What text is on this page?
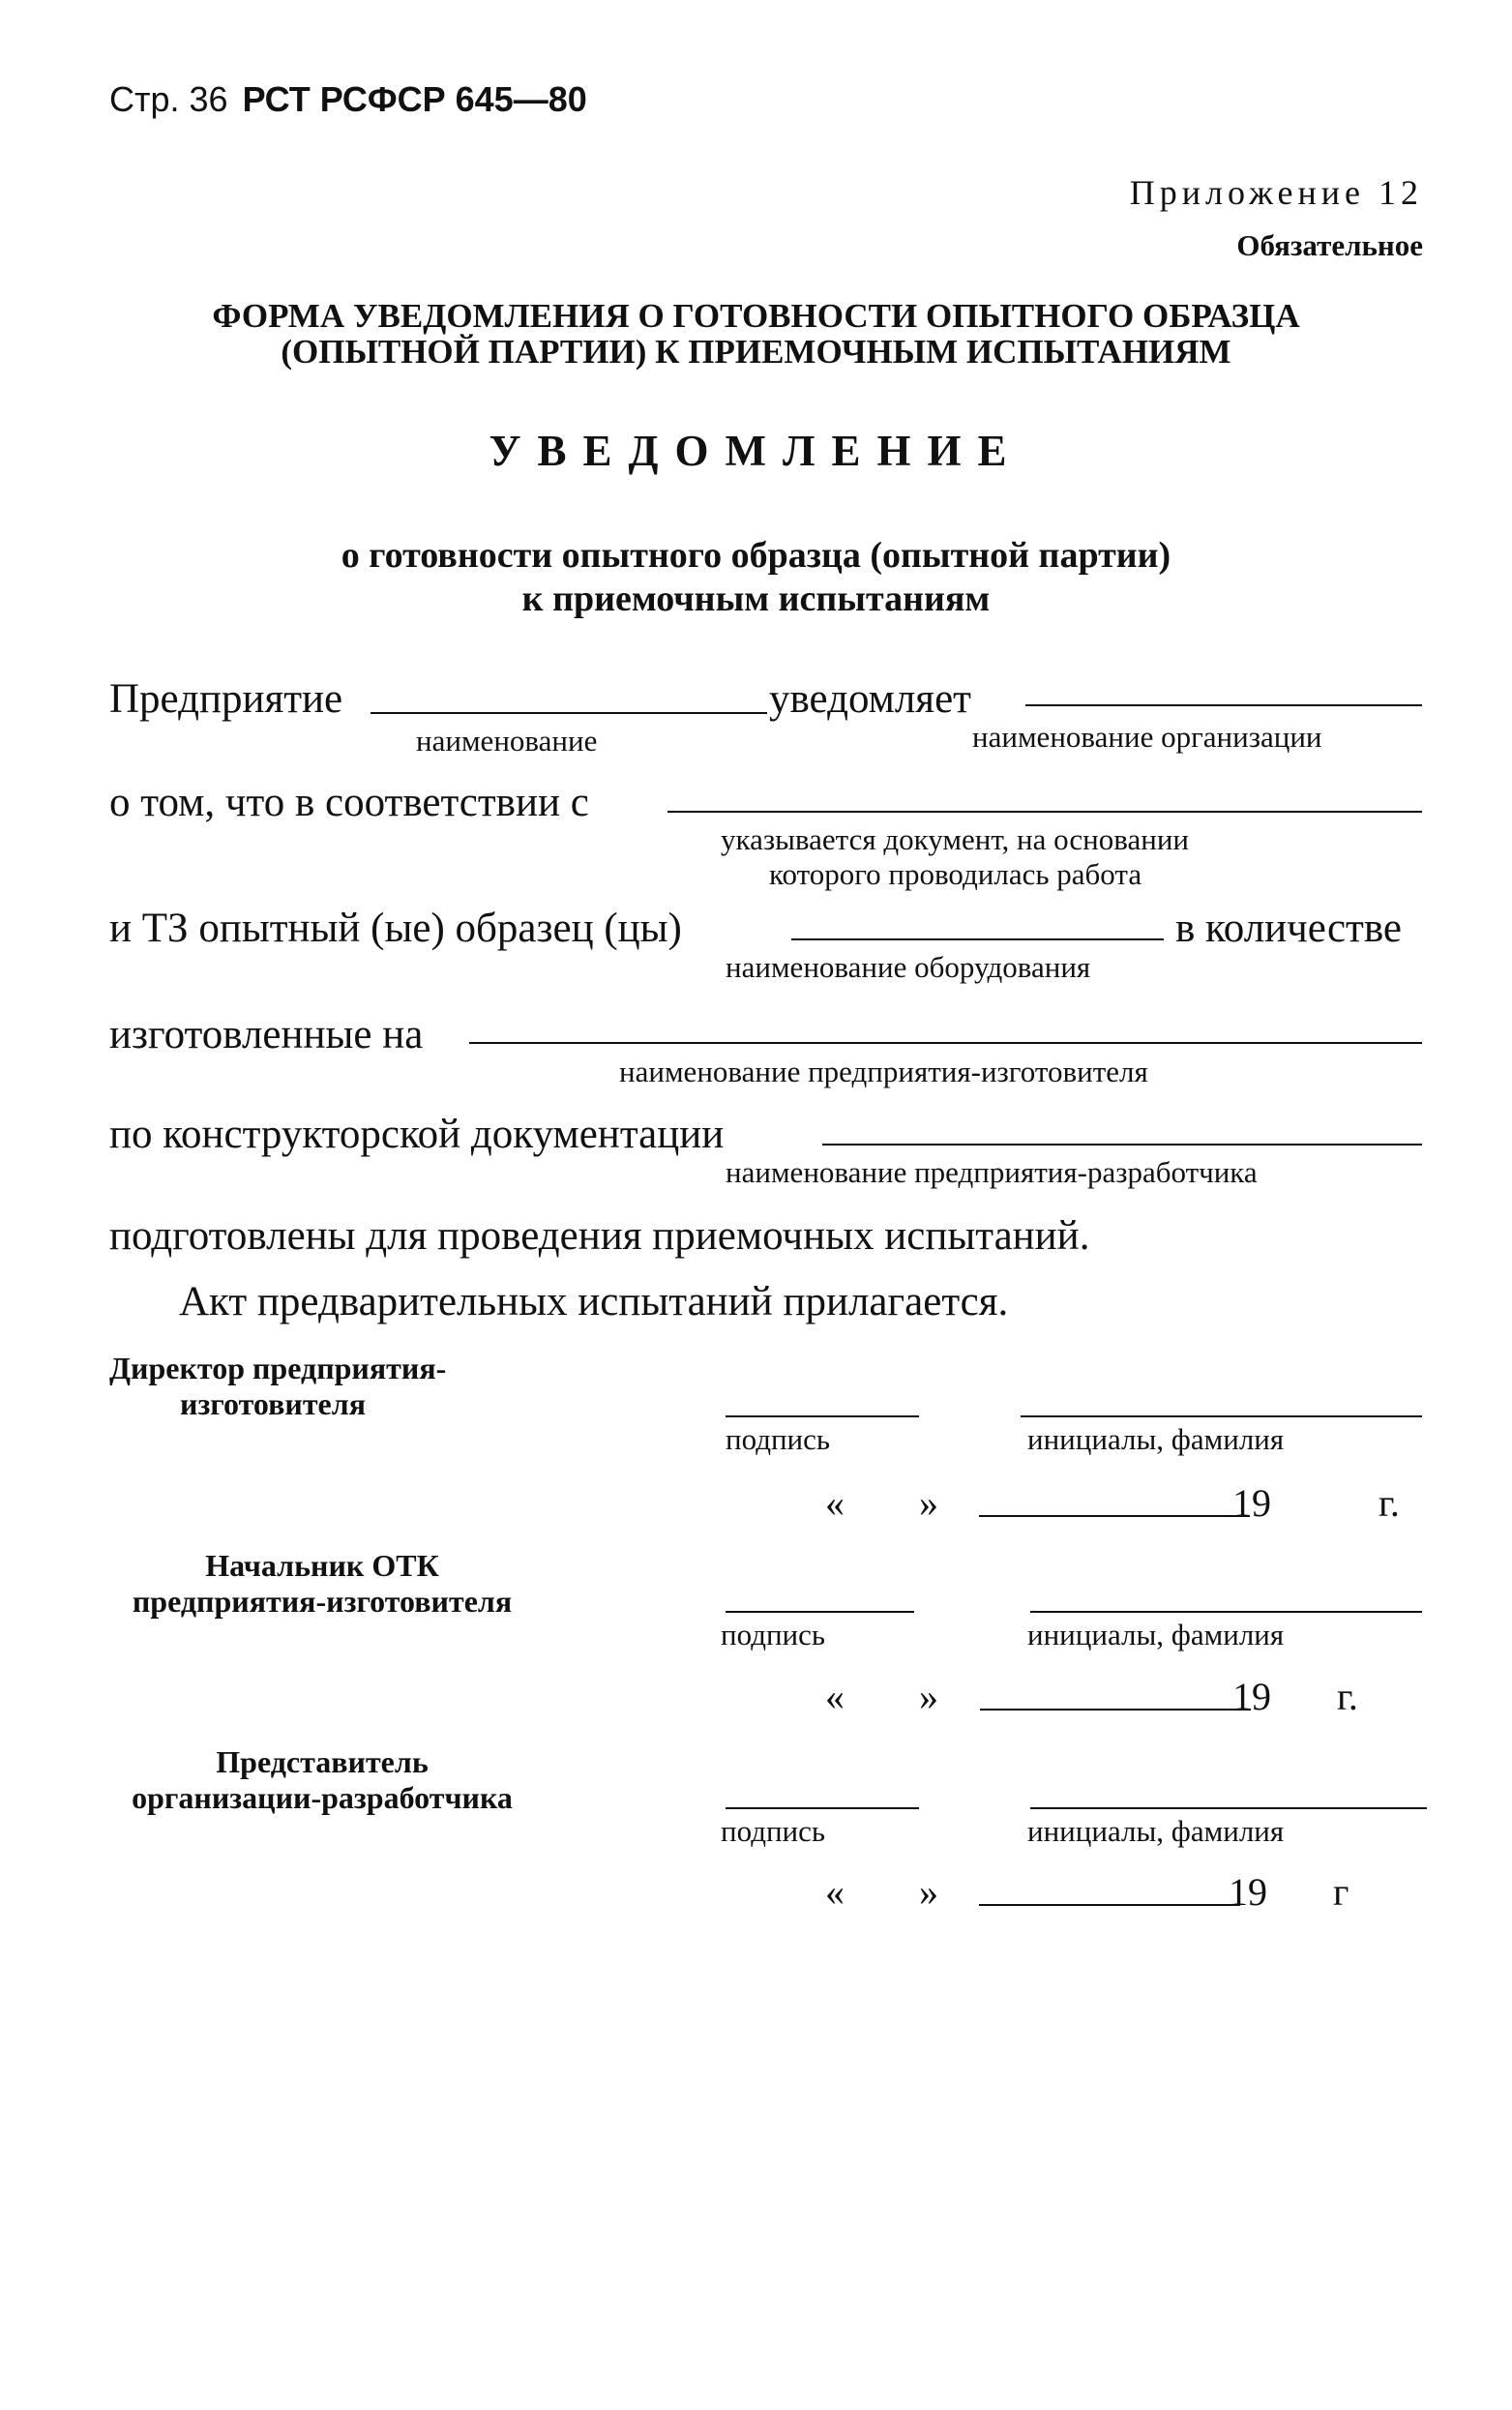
Стр. 36 РСТ РСФСР 645—80
Приложение 12
Обязательное
ФОРМА УВЕДОМЛЕНИЯ О ГОТОВНОСТИ ОПЫТНОГО ОБРАЗЦА
(ОПЫТНОЙ ПАРТИИ) К ПРИЕМОЧНЫМ ИСПЫТАНИЯМ
УВЕДОМЛЕНИЕ
о готовности опытного образца (опытной партии)
к приемочным испытаниям
Предприятие	уведомляет
наименование	наименование организации
о том, что в соответствии с
указывается документ, на основании
которого проводилась работа
и ТЗ опытный (ые) образец (цы)	в количестве
наименование оборудования
изготовленные на
наименование предприятия-изготовителя
по конструкторской документации
наименование предприятия-разработчика
подготовлены для проведения приемочных испытаний.
Акт предварительных испытаний прилагается.
Директор предприятия-
изготовителя
подпись	инициалы, фамилия
« »	19	г.
Начальник ОТК
предприятия-изготовителя
подпись	инициалы, фамилия
« »	19 г.
Представитель
организации-разработчика
подпись	инициалы, фамилия
« »	19 г
